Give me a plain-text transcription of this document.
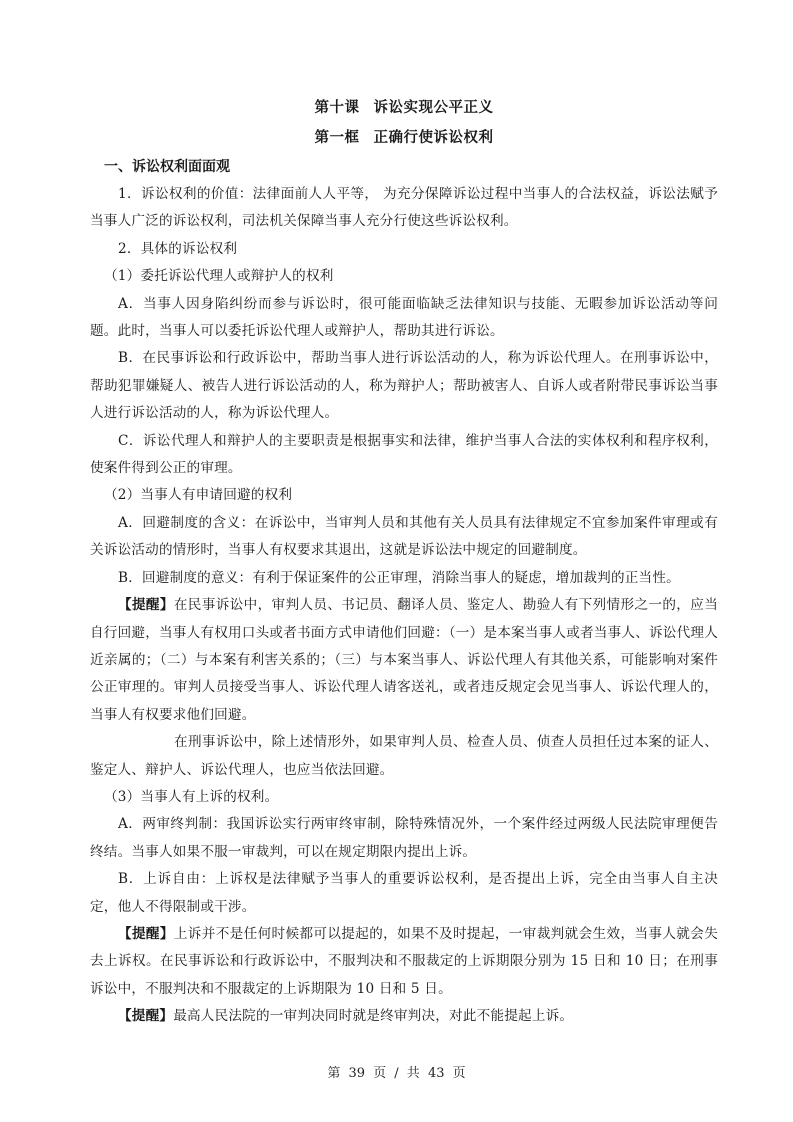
第十课 诉讼实现公平正义
第一框 正确行使诉讼权利
一、诉讼权利面面观

1．诉讼权利的价值：法律面前人人平等， 为充分保障诉讼过程中当事人的合法权益，诉讼法赋予当事人广泛的诉讼权利，司法机关保障当事人充分行使这些诉讼权利。

2．具体的诉讼权利

（1）委托诉讼代理人或辩护人的权利

A．当事人因身陷纠纷而参与诉讼时，很可能面临缺乏法律知识与技能、无暇参加诉讼活动等问题。此时，当事人可以委托诉讼代理人或辩护人，帮助其进行诉讼。

B．在民事诉讼和行政诉讼中，帮助当事人进行诉讼活动的人，称为诉讼代理人。在刑事诉讼中，帮助犯罪嫌疑人、被告人进行诉讼活动的人，称为辩护人；帮助被害人、自诉人或者附带民事诉讼当事人进行诉讼活动的人，称为诉讼代理人。

C．诉讼代理人和辩护人的主要职责是根据事实和法律，维护当事人合法的实体权利和程序权利，使案件得到公正的审理。

（2）当事人有申请回避的权利

A．回避制度的含义：在诉讼中，当审判人员和其他有关人员具有法律规定不宜参加案件审理或有关诉讼活动的情形时，当事人有权要求其退出，这就是诉讼法中规定的回避制度。

B．回避制度的意义：有利于保证案件的公正审理，消除当事人的疑虑，增加裁判的正当性。

【提醒】在民事诉讼中，审判人员、书记员、翻译人员、鉴定人、勘验人有下列情形之一的，应当自行回避，当事人有权用口头或者书面方式申请他们回避：（一）是本案当事人或者当事人、诉讼代理人近亲属的；（二）与本案有利害关系的；（三）与本案当事人、诉讼代理人有其他关系，可能影响对案件公正审理的。审判人员接受当事人、诉讼代理人请客送礼，或者违反规定会见当事人、诉讼代理人的，当事人有权要求他们回避。

在刑事诉讼中，除上述情形外，如果审判人员、检查人员、侦查人员担任过本案的证人、鉴定人、辩护人、诉讼代理人，也应当依法回避。

（3）当事人有上诉的权利。

A．两审终判制：我国诉讼实行两审终审制，除特殊情况外，一个案件经过两级人民法院审理便告终结。当事人如果不服一审裁判，可以在规定期限内提出上诉。

B．上诉自由：上诉权是法律赋予当事人的重要诉讼权利，是否提出上诉，完全由当事人自主决定，他人不得限制或干涉。

【提醒】上诉并不是任何时候都可以提起的，如果不及时提起，一审裁判就会生效，当事人就会失去上诉权。在民事诉讼和行政诉讼中，不服判决和不服裁定的上诉期限分别为 15 日和 10 日；在刑事诉讼中，不服判决和不服裁定的上诉期限为 10 日和 5 日。

【提醒】最高人民法院的一审判决同时就是终审判决，对此不能提起上诉。

第 39 页 / 共 43 页
